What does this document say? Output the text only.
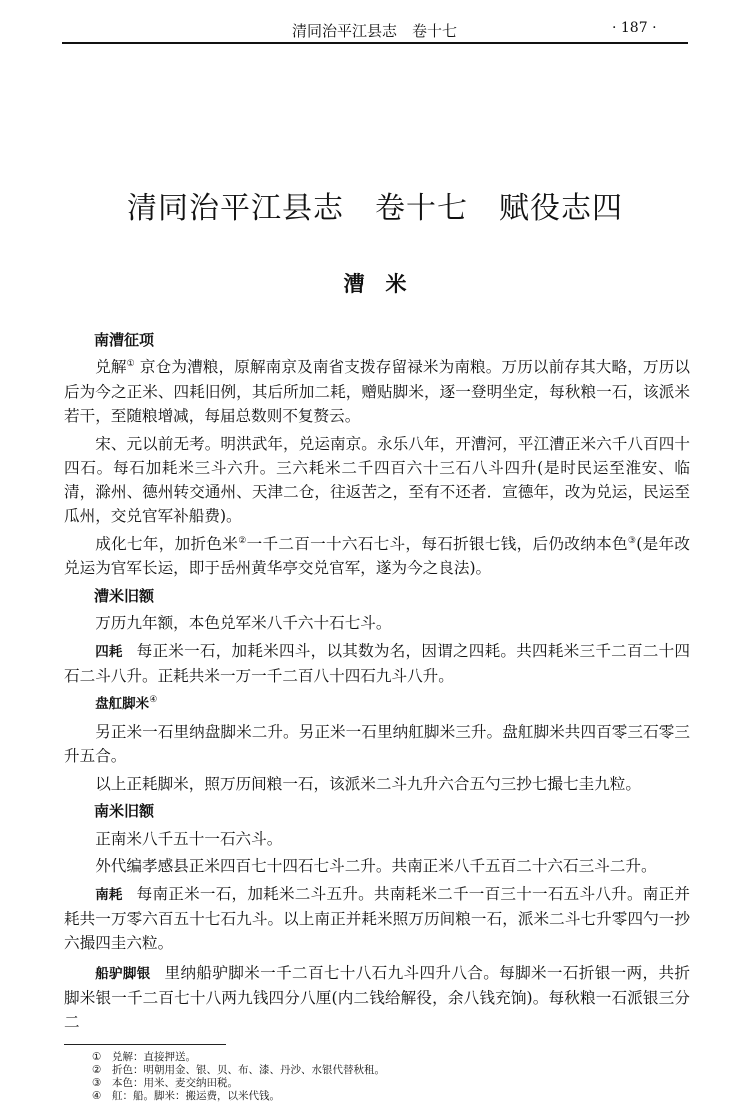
清同治平江县志　卷十七	· 187 ·
清同治平江县志　卷十七　赋役志四
漕　米

南漕征项

兑解① 京仓为漕粮，原解南京及南省支拨存留禄米为南粮。万历以前存其大略，万历以后为今之正米、四耗旧例，其后所加二耗，赠贴脚米，逐一登明坐定，每秋粮一石，该派米若干，至随粮增减，每届总数则不复赘云。

宋、元以前无考。明洪武年，兑运南京。永乐八年，开漕河，平江漕正米六千八百四十四石。每石加耗米三斗六升。三六耗米二千四百六十三石八斗四升(是时民运至淮安、临清，滁州、德州转交通州、天津二仓，往返苦之，至有不还者．宣德年，改为兑运，民运至瓜州，交兑官军补船费)。

成化七年，加折色米②一千二百一十六石七斗，每石折银七钱，后仍改纳本色③(是年改兑运为官军长运，即于岳州黄华亭交兑官军，遂为今之良法)。

漕米旧额

万历九年额，本色兑军米八千六十石七斗。

四耗 每正米一石，加耗米四斗，以其数为名，因谓之四耗。共四耗米三千二百二十四石二斗八升。正耗共米一万一千二百八十四石九斗八升。

盘舡脚米④

另正米一石里纳盘脚米二升。另正米一石里纳舡脚米三升。盘舡脚米共四百零三石零三升五合。

以上正耗脚米，照万历间粮一石，该派米二斗九升六合五勺三抄七撮七圭九粒。

南米旧额

正南米八千五十一石六斗。

外代编孝感县正米四百七十四石七斗二升。共南正米八千五百二十六石三斗二升。

南耗 每南正米一石，加耗米二斗五升。共南耗米二千一百三十一石五斗八升。南正并耗共一万零六百五十七石九斗。以上南正并耗米照万历间粮一石，派米二斗七升零四勺一抄六撮四圭六粒。

船驴脚银 里纳船驴脚米一千二百七十八石九斗四升八合。每脚米一石折银一两，共折脚米银一千二百七十八两九钱四分八厘(内二钱给解役，余八钱充饷)。每秋粮一石派银三分二

① 兑解：直接押送。
② 折色：明朝用金、银、贝、布、漆、丹沙、水银代替秋租。
③ 本色：用米、麦交纳田税。
④ 舡：船。脚米：搬运费，以米代钱。
